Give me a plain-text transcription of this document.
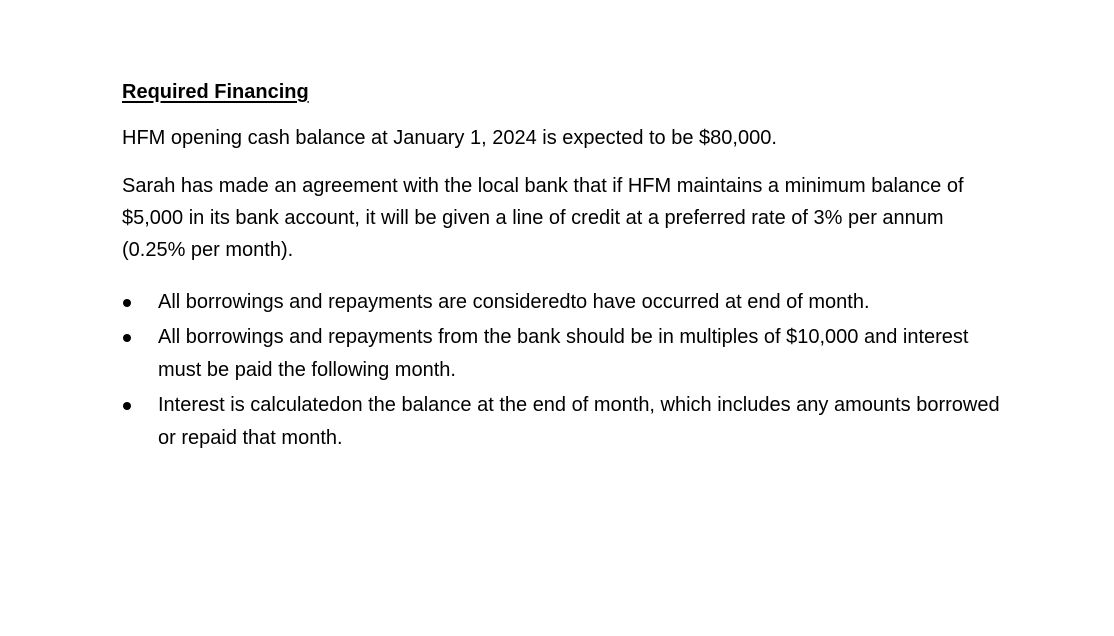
Required Financing

HFM opening cash balance at January 1, 2024 is expected to be $80,000.

Sarah has made an agreement with the local bank that if HFM maintains a minimum balance of $5,000 in its bank account, it will be given a line of credit at a preferred rate of 3% per annum (0.25% per month).

All borrowings and repayments are consideredto have occurred at end of month.
All borrowings and repayments from the bank should be in multiples of $10,000 and interest must be paid the following month.
Interest is calculatedon the balance at the end of month, which includes any amounts borrowed or repaid that month.
